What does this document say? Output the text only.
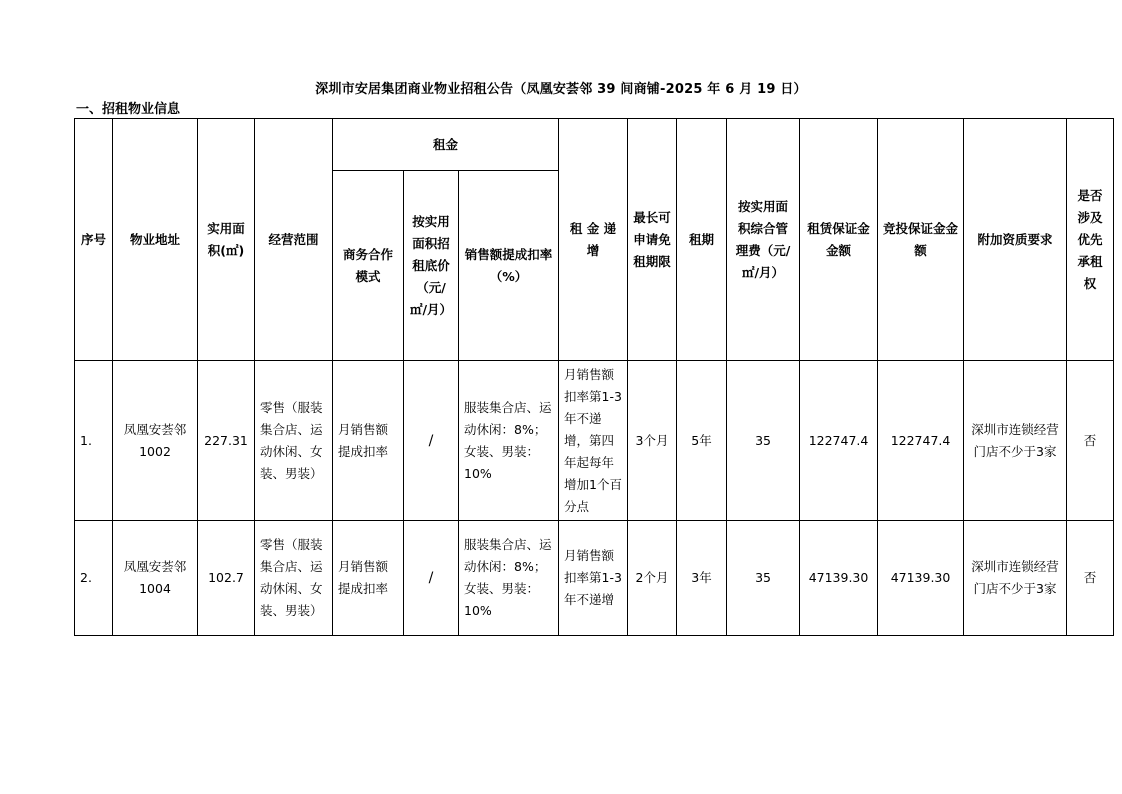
深圳市安居集团商业物业招租公告（凤凰安荟邻 39 间商铺-2025 年 6 月 19 日）
一、招租物业信息
序号	物业地址	实用面积(㎡)	经营范围	租金			租 金 递 增	最长可申请免租期限	租期	按实用面积综合管理费（元/㎡/月）	租赁保证金金额	竞投保证金金额	附加资质要求	是否涉及优先承租权
				商务合作模式	按实用面积招租底价（元/㎡/月）	销售额提成扣率（%）								
1.	凤凰安荟邻1002	227.31	零售（服装集合店、运动休闲、女装、男装）	月销售额提成扣率	/	服装集合店、运动休闲：8%；女装、男装：10%	月销售额扣率第1-3年不递增，第四年起每年增加1个百分点	3个月	5年	35	122747.4	122747.4	深圳市连锁经营门店不少于3家	否
2.	凤凰安荟邻1004	102.7	零售（服装集合店、运动休闲、女装、男装）	月销售额提成扣率	/	服装集合店、运动休闲：8%；女装、男装：10%	月销售额扣率第1-3年不递增	2个月	3年	35	47139.30	47139.30	深圳市连锁经营门店不少于3家	否
